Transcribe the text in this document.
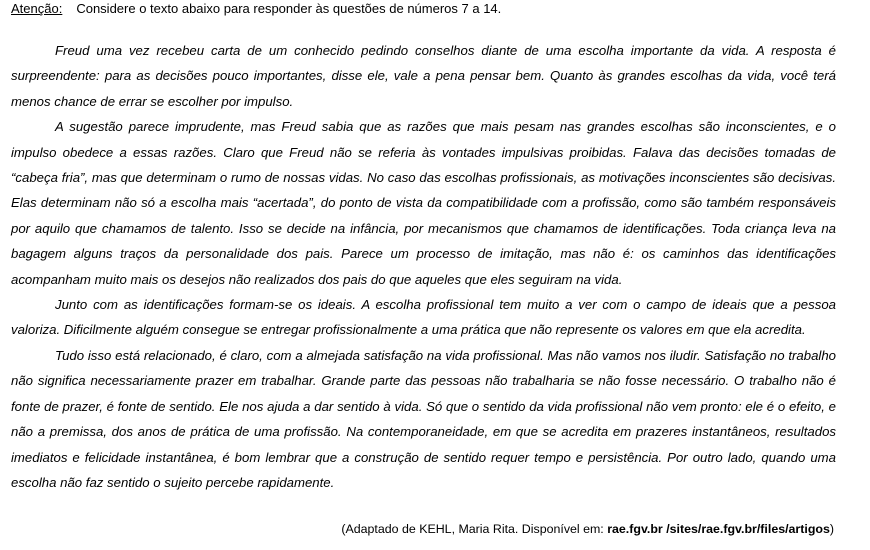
Atenção: Considere o texto abaixo para responder às questões de números 7 a 14.

Freud uma vez recebeu carta de um conhecido pedindo conselhos diante de uma escolha importante da vida. A resposta é surpreendente: para as decisões pouco importantes, disse ele, vale a pena pensar bem. Quanto às grandes escolhas da vida, você terá menos chance de errar se escolher por impulso.

A sugestão parece imprudente, mas Freud sabia que as razões que mais pesam nas grandes escolhas são inconscientes, e o impulso obedece a essas razões. Claro que Freud não se referia às vontades impulsivas proibidas. Falava das decisões tomadas de “cabeça fria”, mas que determinam o rumo de nossas vidas. No caso das escolhas profissionais, as motivações inconscientes são decisivas. Elas determinam não só a escolha mais “acertada”, do ponto de vista da compatibilidade com a profissão, como são também responsáveis por aquilo que chamamos de talento. Isso se decide na infância, por mecanismos que chamamos de identificações. Toda criança leva na bagagem alguns traços da personalidade dos pais. Parece um processo de imitação, mas não é: os caminhos das identificações acompanham muito mais os desejos não realizados dos pais do que aqueles que eles seguiram na vida.

Junto com as identificações formam-se os ideais. A escolha profissional tem muito a ver com o campo de ideais que a pessoa valoriza. Dificilmente alguém consegue se entregar profissionalmente a uma prática que não represente os valores em que ela acredita.

Tudo isso está relacionado, é claro, com a almejada satisfação na vida profissional. Mas não vamos nos iludir. Satisfação no trabalho não significa necessariamente prazer em trabalhar. Grande parte das pessoas não trabalharia se não fosse necessário. O trabalho não é fonte de prazer, é fonte de sentido. Ele nos ajuda a dar sentido à vida. Só que o sentido da vida profissional não vem pronto: ele é o efeito, e não a premissa, dos anos de prática de uma profissão. Na contemporaneidade, em que se acredita em prazeres instantâneos, resultados imediatos e felicidade instantânea, é bom lembrar que a construção de sentido requer tempo e persistência. Por outro lado, quando uma escolha não faz sentido o sujeito percebe rapidamente.

(Adaptado de KEHL, Maria Rita. Disponível em: rae.fgv.br /sites/rae.fgv.br/files/artigos)
